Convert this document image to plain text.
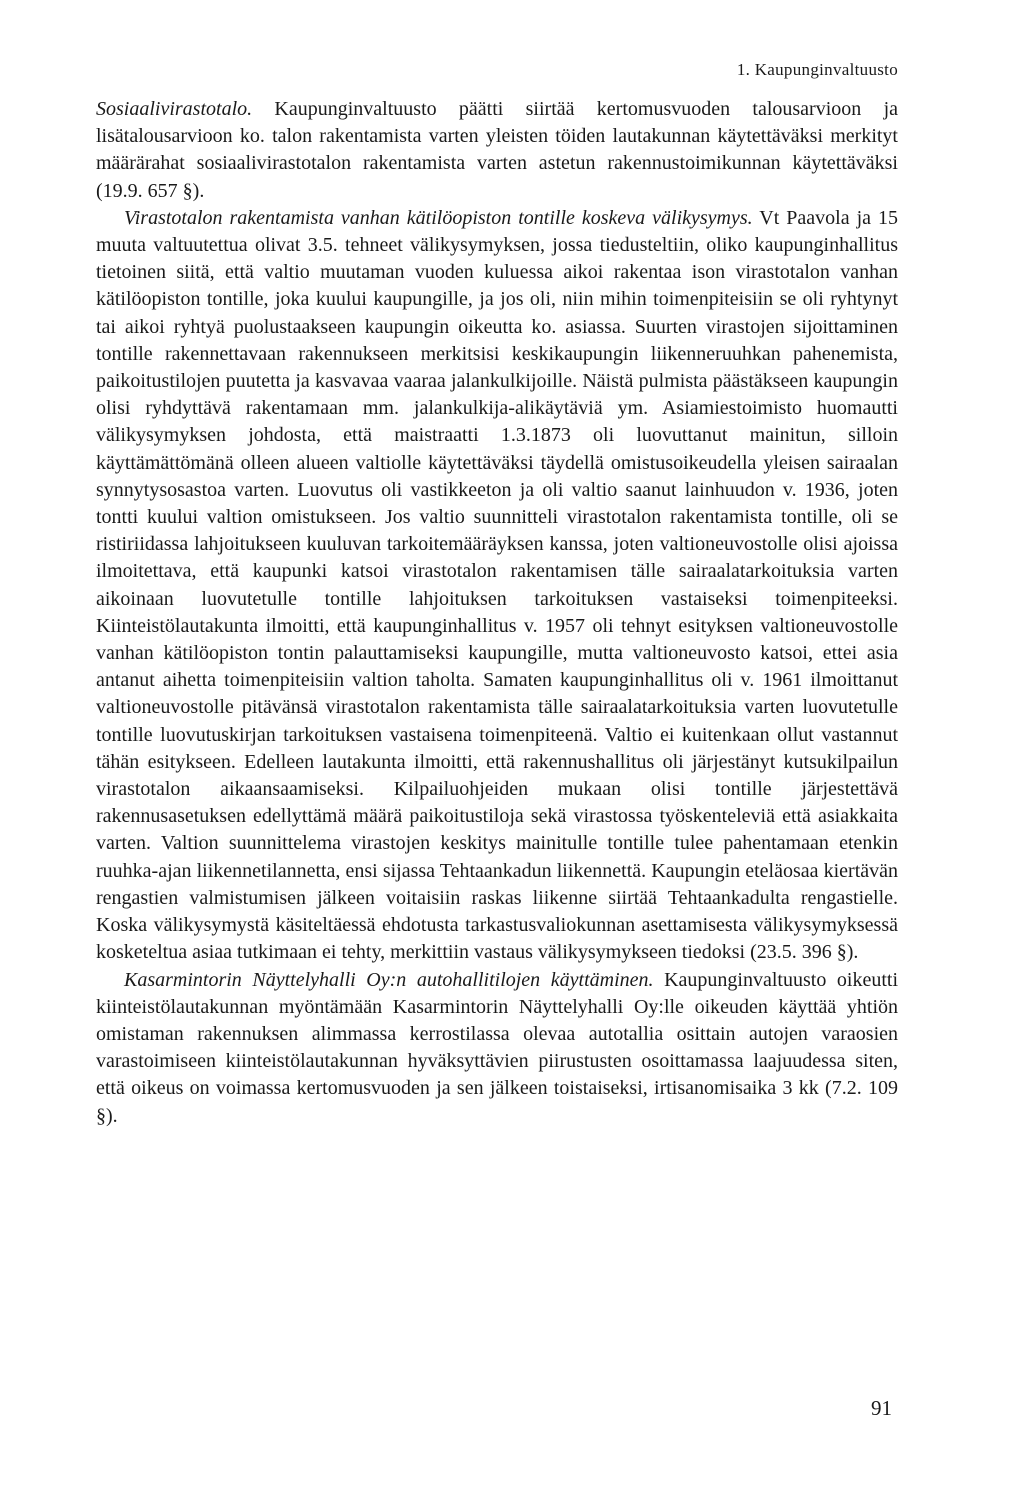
1. Kaupunginvaltuusto

Sosiaalivirastotalo. Kaupunginvaltuusto päätti siirtää kertomusvuoden talousarvioon ja lisätalousarvioon ko. talon rakentamista varten yleisten töiden lautakunnan käytettäväksi merkityt määrärahat sosiaalivirastotalon rakentamista varten astetun rakennustoimikunnan käytettäväksi (19.9. 657 §).

Virastotalon rakentamista vanhan kätilöopiston tontille koskeva välikysymys. Vt Paavola ja 15 muuta valtuutettua olivat 3.5. tehneet välikysymyksen, jossa tiedusteltiin, oliko kaupunginhallitus tietoinen siitä, että valtio muutaman vuoden kuluessa aikoi rakentaa ison virastotalon vanhan kätilöopiston tontille, joka kuului kaupungille, ja jos oli, niin mihin toimenpiteisiin se oli ryhtynyt tai aikoi ryhtyä puolustaakseen kaupungin oikeutta ko. asiassa. Suurten virastojen sijoittaminen tontille rakennettavaan rakennukseen merkitsisi keskikaupungin liikenneruuhkan pahenemista, paikoitustilojen puutetta ja kasvavaa vaaraa jalankulkijoille. Näistä pulmista päästäkseen kaupungin olisi ryhdyttävä rakentamaan mm. jalankulkija-alikäytäviä ym. Asiamiestoimisto huomautti välikysymyksen johdosta, että maistraatti 1.3.1873 oli luovuttanut mainitun, silloin käyttämättömänä olleen alueen valtiolle käytettäväksi täydellä omistusoikeudella yleisen sairaalan synnytysosastoa varten. Luovutus oli vastikkeeton ja oli valtio saanut lainhuudon v. 1936, joten tontti kuului valtion omistukseen. Jos valtio suunnitteli virastotalon rakentamista tontille, oli se ristiriidassa lahjoitukseen kuuluvan tarkoitemääräyksen kanssa, joten valtioneuvostolle olisi ajoissa ilmoitettava, että kaupunki katsoi virastotalon rakentamisen tälle sairaalatarkoituksia varten aikoinaan luovutetulle tontille lahjoituksen tarkoituksen vastaiseksi toimenpiteeksi. Kiinteistölautakunta ilmoitti, että kaupunginhallitus v. 1957 oli tehnyt esityksen valtioneuvostolle vanhan kätilöopiston tontin palauttamiseksi kaupungille, mutta valtioneuvosto katsoi, ettei asia antanut aihetta toimenpiteisiin valtion taholta. Samaten kaupunginhallitus oli v. 1961 ilmoittanut valtioneuvostolle pitävänsä virastotalon rakentamista tälle sairaalatarkoituksia varten luovutetulle tontille luovutuskirjan tarkoituksen vastaisena toimenpiteenä. Valtio ei kuitenkaan ollut vastannut tähän esitykseen. Edelleen lautakunta ilmoitti, että rakennushallitus oli järjestänyt kutsukilpailun virastotalon aikaansaamiseksi. Kilpailuohjeiden mukaan olisi tontille järjestettävä rakennusasetuksen edellyttämä määrä paikoitustiloja sekä virastossa työskenteleviä että asiakkaita varten. Valtion suunnittelema virastojen keskitys mainitulle tontille tulee pahentamaan etenkin ruuhka-ajan liikennetilannetta, ensi sijassa Tehtaankadun liikennettä. Kaupungin eteläosaa kiertävän rengastien valmistumisen jälkeen voitaisiin raskas liikenne siirtää Tehtaankadulta rengastielle. Koska välikysymystä käsiteltäessä ehdotusta tarkastusvaliokunnan asettamisesta välikysymyksessä kosketeltua asiaa tutkimaan ei tehty, merkittiin vastaus välikysymykseen tiedoksi (23.5. 396 §).

Kasarmintorin Näyttelyhalli Oy:n autohallitilojen käyttäminen. Kaupunginvaltuusto oikeutti kiinteistölautakunnan myöntämään Kasarmintorin Näyttelyhalli Oy:lle oikeuden käyttää yhtiön omistaman rakennuksen alimmassa kerrostilassa olevaa autotallia osittain autojen varaosien varastoimiseen kiinteistölautakunnan hyväksyttävien piirustusten osoittamassa laajuudessa siten, että oikeus on voimassa kertomusvuoden ja sen jälkeen toistaiseksi, irtisanomisaika 3 kk (7.2. 109 §).

91
